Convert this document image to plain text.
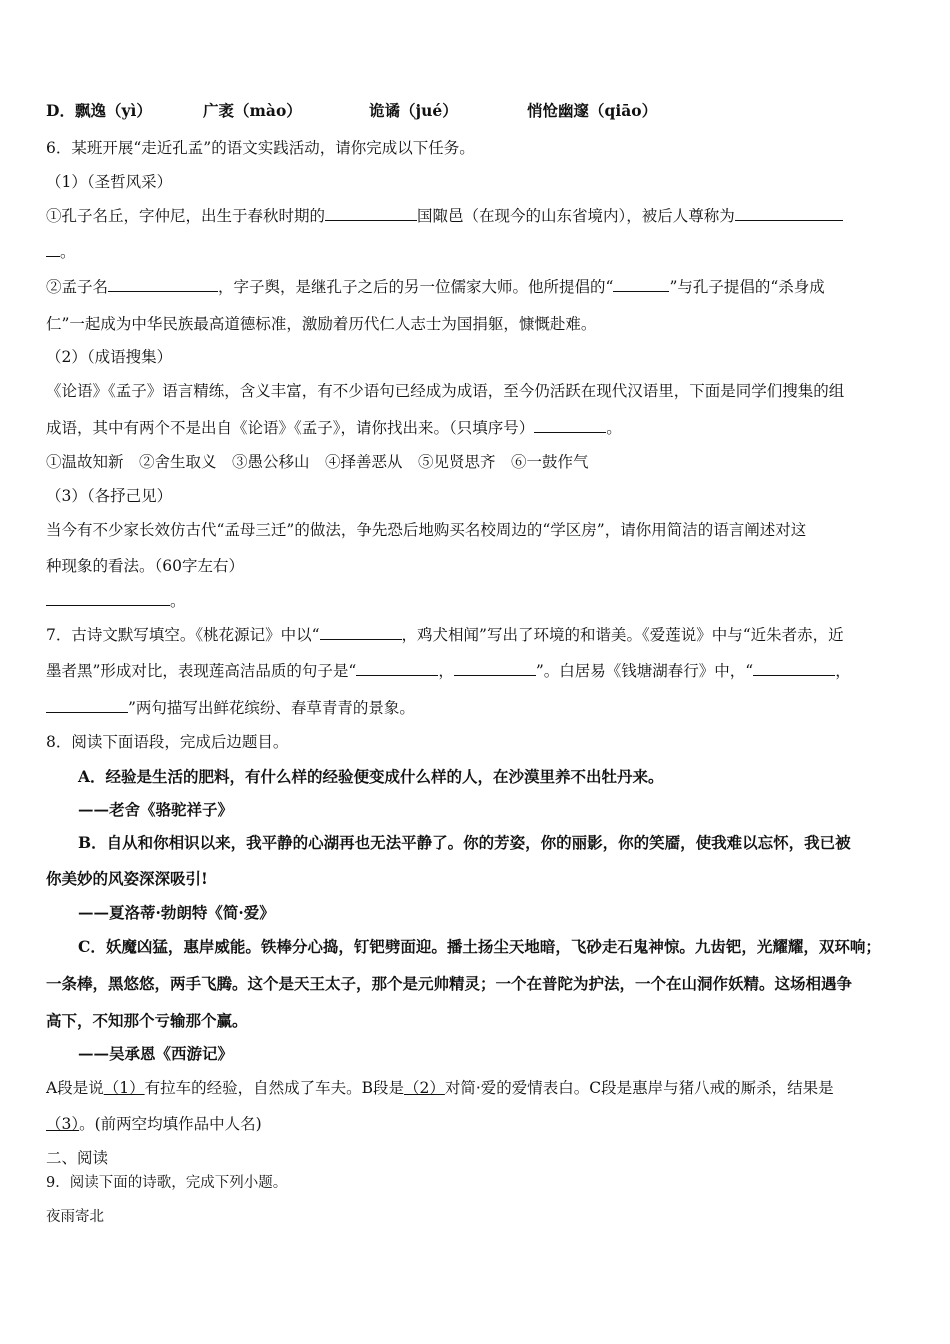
D．飘逸（yì）	广袤（mào）	诡谲（jué）	悄怆幽邃（qiāo）
6．某班开展“走近孔孟”的语文实践活动，请你完成以下任务。
（1）（圣哲风采）
①孔子名丘，字仲尼，出生于春秋时期的	国陬邑（在现今的山东省境内），被后人尊称为
。
②孟子名	，字子舆，是继孔子之后的另一位儒家大师。他所提倡的“	”与孔子提倡的“杀身成
仁”一起成为中华民族最高道德标准，激励着历代仁人志士为国捐躯，慷慨赴难。
（2）（成语搜集）
《论语》《孟子》语言精练，含义丰富，有不少语句已经成为成语，至今仍活跃在现代汉语里，下面是同学们搜集的组
成语，其中有两个不是出自《论语》《孟子》，请你找出来。（只填序号）	。
①温故知新　②舍生取义　③愚公移山　④择善恶从　⑤见贤思齐　⑥一鼓作气
（3）（各抒己见）
当今有不少家长效仿古代“孟母三迁”的做法，争先恐后地购买名校周边的“学区房”，请你用简洁的语言阐述对这
种现象的看法。（60字左右）
。
7．古诗文默写填空。《桃花源记》中以“	，鸡犬相闻”写出了环境的和谐美。《爱莲说》中与“近朱者赤，近
墨者黑”形成对比，表现莲高洁品质的句子是“	，	”。白居易《钱塘湖春行》中，“	，
”两句描写出鲜花缤纷、春草青青的景象。
8．阅读下面语段，完成后边题目。
A．经验是生活的肥料，有什么样的经验便变成什么样的人，在沙漠里养不出牡丹来。
——老舍《骆驼祥子》
B．自从和你相识以来，我平静的心湖再也无法平静了。你的芳姿，你的丽影，你的笑靥，使我难以忘怀，我已被
你美妙的风姿深深吸引!
——夏洛蒂·勃朗特《简·爱》
C．妖魔凶猛，惠岸威能。铁棒分心捣，钉钯劈面迎。播土扬尘天地暗，飞砂走石鬼神惊。九齿钯，光耀耀，双环响；
一条棒，黑悠悠，两手飞腾。这个是天王太子，那个是元帅精灵；一个在普陀为护法，一个在山洞作妖精。这场相遇争
高下，不知那个亏输那个赢。
——吴承恩《西游记》
A段是说（1）有拉车的经验，自然成了车夫。B段是（2）对简·爱的爱情表白。C段是惠岸与猪八戒的厮杀，结果是
（3）。(前两空均填作品中人名)
二、阅读
9．阅读下面的诗歌，完成下列小题。
夜雨寄北
